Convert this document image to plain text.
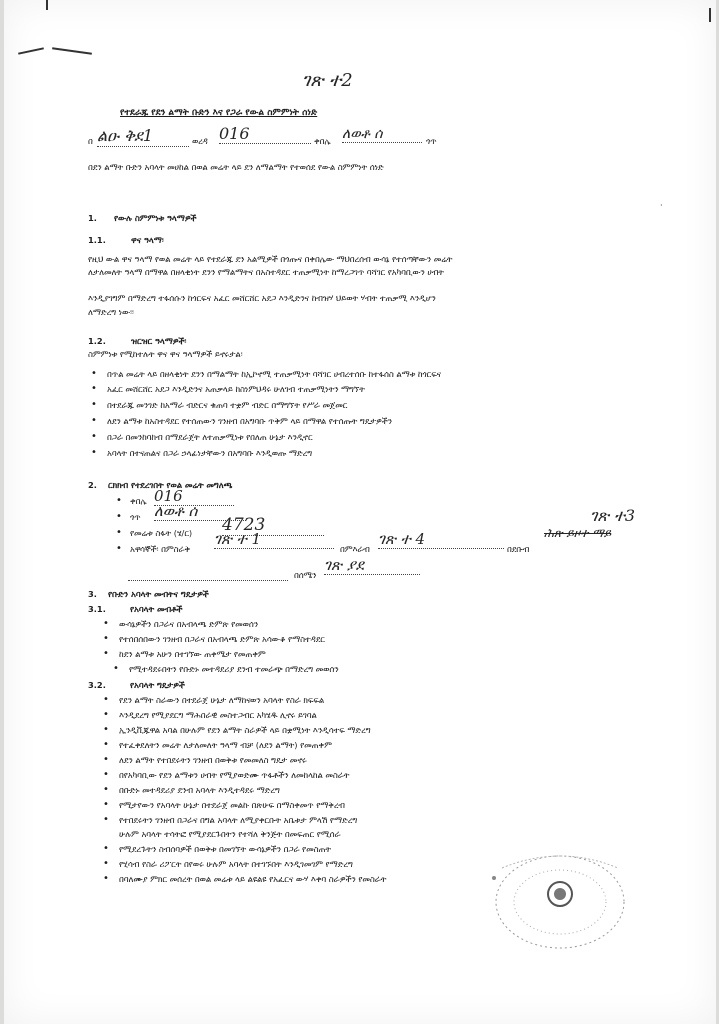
ገጽ ተ2
የተደራጁ የደን ልማት ቡድን እና የጋራ የውል ስምምነት ሰነድ
በ ልዑ ቅደ1	ወረዳ 016	ቀበሌ ለወቶ ሰ	ጎጥ
በደን ልማት ቡድን አባላት መሀከል በወል መሬት ላይ ደን ለማልማት የተወሰደ የውል ስምምነት ሰነድ
·
1. የውሉ ስምምነቱ ዓላማዎች
1.1.	ዋና ዓላማ፡
የዚህ ውል ዋና ዓላማ የወል መሬት ላይ የተደራጁ ደን አልሚዎች በጎጡና በቀበሌው ማህበረሰብ ውሳኔ የተሰጣቸውን መሬት
ለታለመለት ዓላማ በማዋል በዘላቂነት ደንን የማልማትና በአስተዳደር ተጠቃሚነት ከማረጋገጥ ባሻገር የአካባቢውን ሀብት
እንዲያገግም በማድረግ ተፋሰሱን ከጎርፍና አፈር መሸርሸር አደጋ እንዲድንና ከብዝሃ ህይወት ሃብት ተጠቃሚ እንዲሆን
ለማድረግ ነው፡፡
1.2.	ዝርዝር ዓላማዎች፡
ስምምነቱ የሚከተሉት ዋና ዋና ዓላማዎች ይኖሩታል፡
• በጥል መሬት ላይ በዘላቂነት ደንን በማልማት ከኢኮኖሚ ተጠቃሚነት ባሻገር ሀብረተሰቡ ከተፋሰስ ልማቱ ከጎርፍና
• አፈር መሸርሸር አደጋ እንዲድንና አጠቃላይ ከስነምህዳሩ ሁለገብ ተጠቃሚነትን ማግኘት
• በተደራጁ መንገድ ከአማራ ብድርና ቁጠባ ተቋም ብድር በማግኘት የሥራ መጀመር
• ለደን ልማቱ ከአስተዳደር የተሰጠውን ገንዘብ በአግባቡ ጥቅም ላይ በማዋል የተሰጡት ግዴታዎችን
• በጋራ በመንከባከብ በማደራጀት ለተጠቃሚነቱ የበለጠ ሁኔታ እንዲኖር
• አባላት በተናጠልና በጋራ ኃላፊነታቸውን በአግባቡ እንዲወጡ ማድረግ
2. ርክክብ የተደረገበት የወል መሬት መግለጫ
• ቀበሌ 016
• ጎጥ ለወቶ ሰ
• የመሬቱ ስፋት (ሄ/ር) 4723
• አዋሳኞች፡ በምስራቅ
ገጽ ተ 1
በምእራብ
ገጽ ተ 4
በደቡብ
ገጽ ተ3
ሕጽ ይዞተ ማይ
በሰሜን
ገጽ ያደ
3. የቡድን አባላት መብትና ግዴታዎች
3.1.	የአባላት መብቶች
• ውሳኔዎችን በጋራና በአብላጫ ድምጽ የመወሰን
• የተሰበሰበውን ገንዘብ በጋራና በአብላጫ ድምጽ አሳውቆ የማስተዳደር
• ከደን ልማቱ አሁን በተገኘው ጠቀሜታ የመጠቀም
• የሚተዳደሩበትን የቡድኑ መተዳደሪያ ደንብ ተመራጭ በማድረግ መወሰን
3.2.	የአባላት ግዴታዎች
• የደን ልማት ስራውን በተደራጀ ሁኔታ ለማከናወን አባላት የስራ ክፍፍል
• እንዲደረግ የሚያደርግ ማሕበራዊ መስተጋብር አካሄዱ ሊኖሩ ይገባል
• ኢንዲቪጁዋል አባል በሁሉም የደን ልማት ስራዎች ላይ በቋሚነት እንዲሳተፍ ማድረግ
• የተፈቀደለትን መሬት ለታለመለት ዓላማ ብቻ (ለደን ልማት) የመጠቀም
• ለደን ልማት የተበደሩትን ገንዘብ በወቅቱ የመመለስ ግዴታ መኖሩ
• በየአካባቢው የደን ልማቱን ሀብት የሚያወድሙ ጥፋቶችን ለመከላከል መስራት
• በቡድኑ መተዳደሪያ ደንብ አባላት እንዲተዳደሩ ማድረግ
• የሚታየውን የአባላት ሁኔታ በተደራጀ መልኩ በጽሁፍ በማስቀመጥ የማቅረብ
• የተበደሩትን ገንዘብ በጋራና በግል አባላት ለሚያቀርቡት አቤቱታ ምላሽ የማድረግ
ሁሉም አባላት ተሳትፎ የሚያደርጉበትን የተሻለ ቅንጅት በመፍጠር የሚሰራ
• የሚደረጉትን ስብሰባዎች በወቅቱ በመገኘት ውሳኔዎችን በጋራ የመስጠት
• የሂሳብ የስራ ሪፖርት በየወሩ ሁሉም አባላት በተገኙበት እንዲገመገም የማድረግ
• በባለሙያ ምክር መሰረት በወል መሬቱ ላይ ልዩልዩ የአፈርና ውሃ እቀባ ስራዎችን የመስራት
